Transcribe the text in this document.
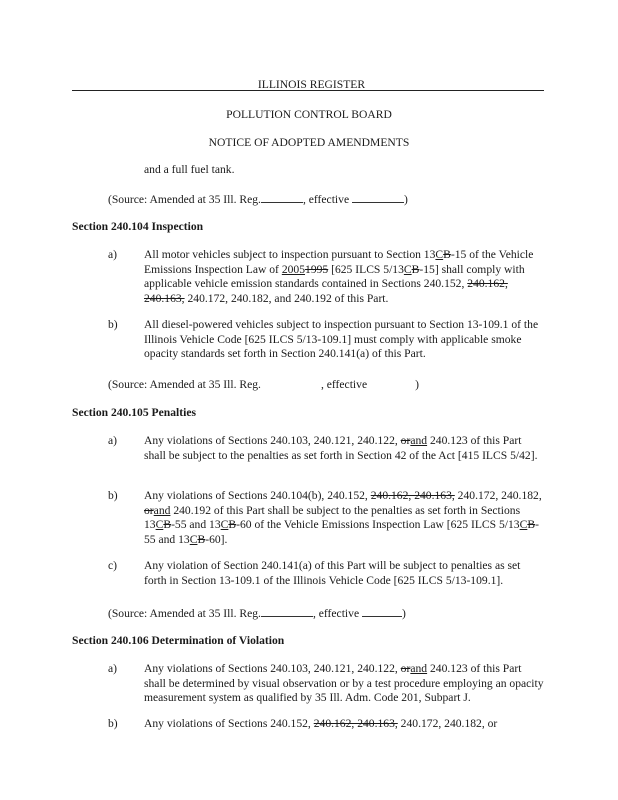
ILLINOIS REGISTER
POLLUTION CONTROL BOARD
NOTICE OF ADOPTED AMENDMENTS
and a full fuel tank.
(Source: Amended at 35 Ill. Reg.	, effective	)
Section 240.104 Inspection
a) All motor vehicles subject to inspection pursuant to Section 13CB-15 of the Vehicle Emissions Inspection Law of 20051995 [625 ILCS 5/13CB-15] shall comply with applicable vehicle emission standards contained in Sections 240.152, 240.162, 240.163, 240.172, 240.182, and 240.192 of this Part.
b) All diesel-powered vehicles subject to inspection pursuant to Section 13-109.1 of the Illinois Vehicle Code [625 ILCS 5/13-109.1] must comply with applicable smoke opacity standards set forth in Section 240.141(a) of this Part.
(Source: Amended at 35 Ill. Reg.	, effective	)
Section 240.105 Penalties
a) Any violations of Sections 240.103, 240.121, 240.122, orand 240.123 of this Part shall be subject to the penalties as set forth in Section 42 of the Act [415 ILCS 5/42].
b) Any violations of Sections 240.104(b), 240.152, 240.162, 240.163, 240.172, 240.182, orand 240.192 of this Part shall be subject to the penalties as set forth in Sections 13CB-55 and 13CB-60 of the Vehicle Emissions Inspection Law [625 ILCS 5/13CB-55 and 13CB-60].
c) Any violation of Section 240.141(a) of this Part will be subject to penalties as set forth in Section 13-109.1 of the Illinois Vehicle Code [625 ILCS 5/13-109.1].
(Source: Amended at 35 Ill. Reg.	, effective	)
Section 240.106 Determination of Violation
a) Any violations of Sections 240.103, 240.121, 240.122, orand 240.123 of this Part shall be determined by visual observation or by a test procedure employing an opacity measurement system as qualified by 35 Ill. Adm. Code 201, Subpart J.
b) Any violations of Sections 240.152, 240.162, 240.163, 240.172, 240.182, or
